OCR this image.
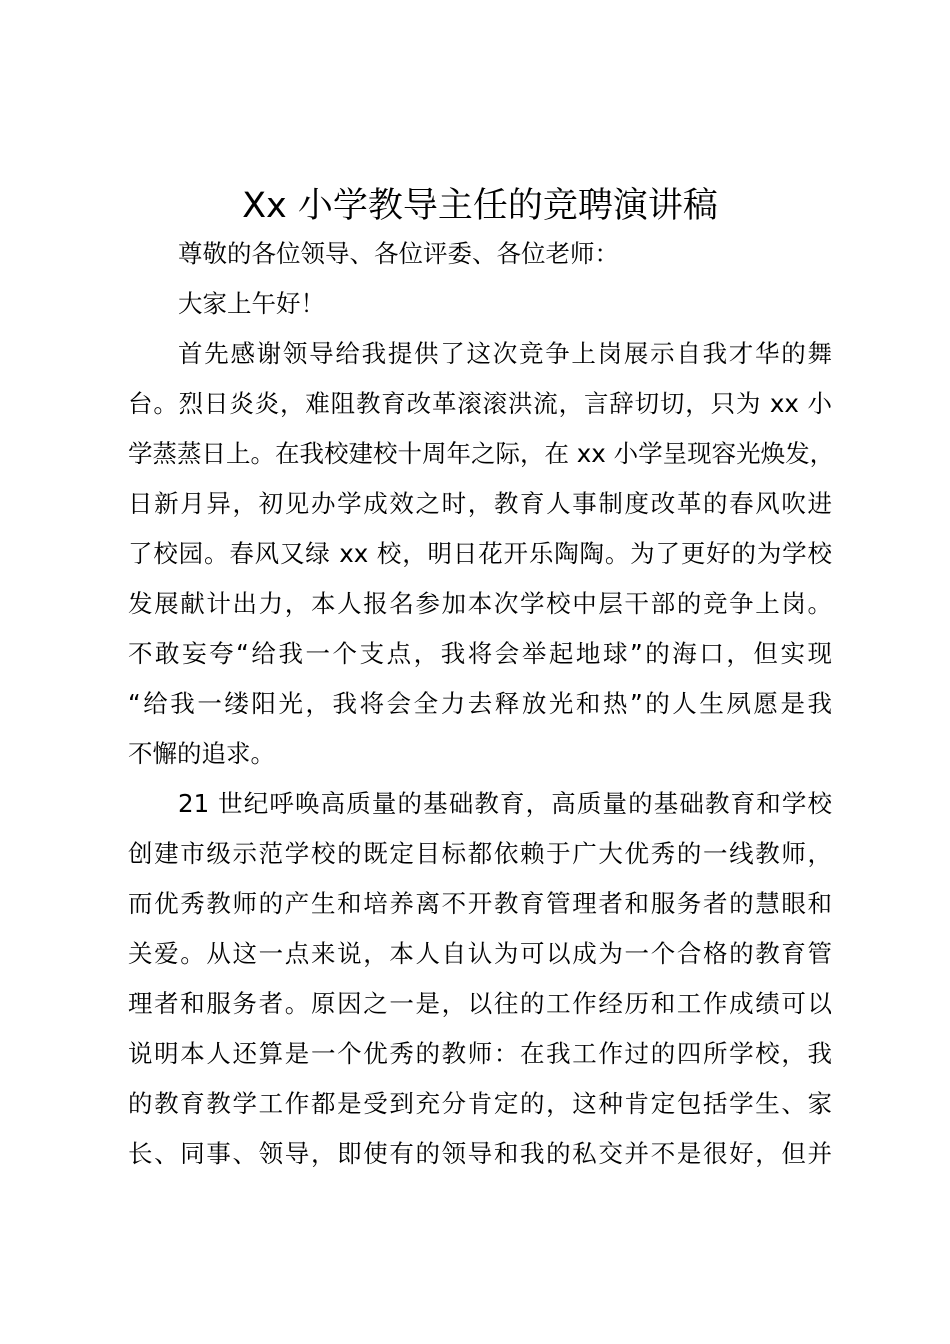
Xx 小学教导主任的竞聘演讲稿
尊敬的各位领导、各位评委、各位老师：
大家上午好！
首先感谢领导给我提供了这次竞争上岗展示自我才华的舞
台。烈日炎炎，难阻教育改革滚滚洪流，言辞切切，只为 xx 小
学蒸蒸日上。在我校建校十周年之际，在 xx 小学呈现容光焕发，
日新月异，初见办学成效之时，教育人事制度改革的春风吹进
了校园。春风又绿 xx 校，明日花开乐陶陶。为了更好的为学校
发展献计出力，本人报名参加本次学校中层干部的竞争上岗。
不敢妄夸“给我一个支点，我将会举起地球”的海口，但实现
“给我一缕阳光，我将会全力去释放光和热”的人生夙愿是我
不懈的追求。
21 世纪呼唤高质量的基础教育，高质量的基础教育和学校
创建市级示范学校的既定目标都依赖于广大优秀的一线教师，
而优秀教师的产生和培养离不开教育管理者和服务者的慧眼和
关爱。从这一点来说，本人自认为可以成为一个合格的教育管
理者和服务者。原因之一是，以往的工作经历和工作成绩可以
说明本人还算是一个优秀的教师：在我工作过的四所学校，我
的教育教学工作都是受到充分肯定的，这种肯定包括学生、家
长、同事、领导，即使有的领导和我的私交并不是很好，但并
